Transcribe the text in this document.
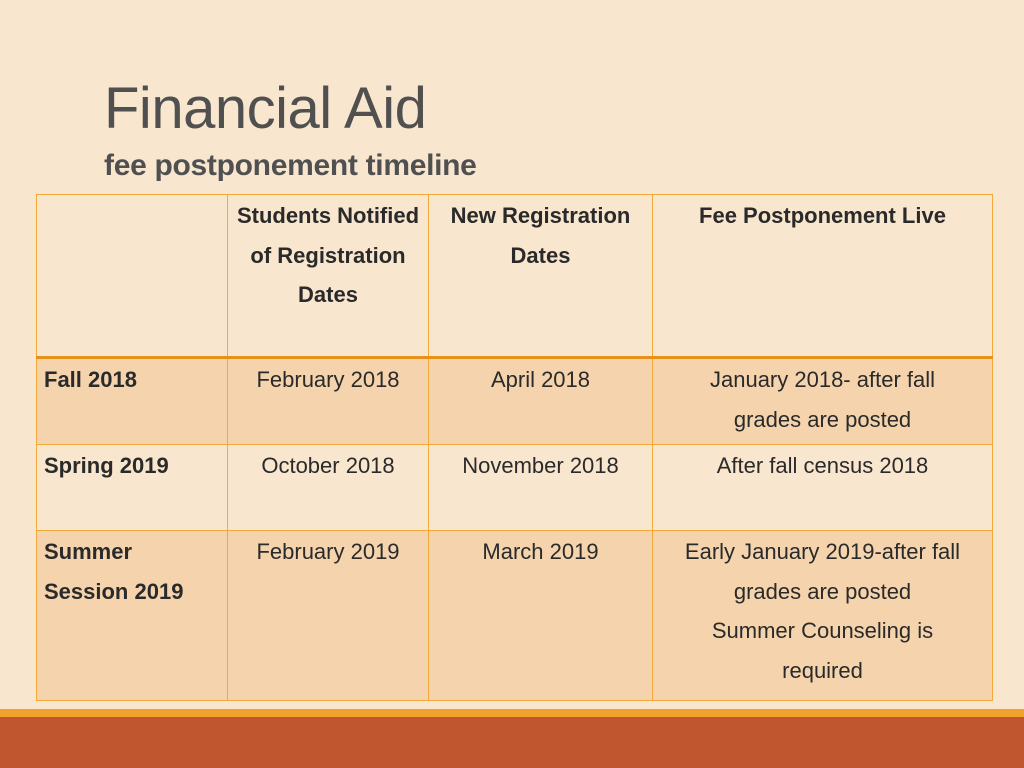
Financial Aid
fee postponement timeline
	Students Notified of Registration Dates	New Registration Dates	Fee Postponement Live
Fall 2018	February 2018	April 2018	January 2018- after fall
grades are posted

Spring 2019	October 2018	November 2018	After fall census 2018

Summer Session 2019	February 2019	March 2019	Early January 2019-after fall
grades are posted
Summer Counseling is
required
